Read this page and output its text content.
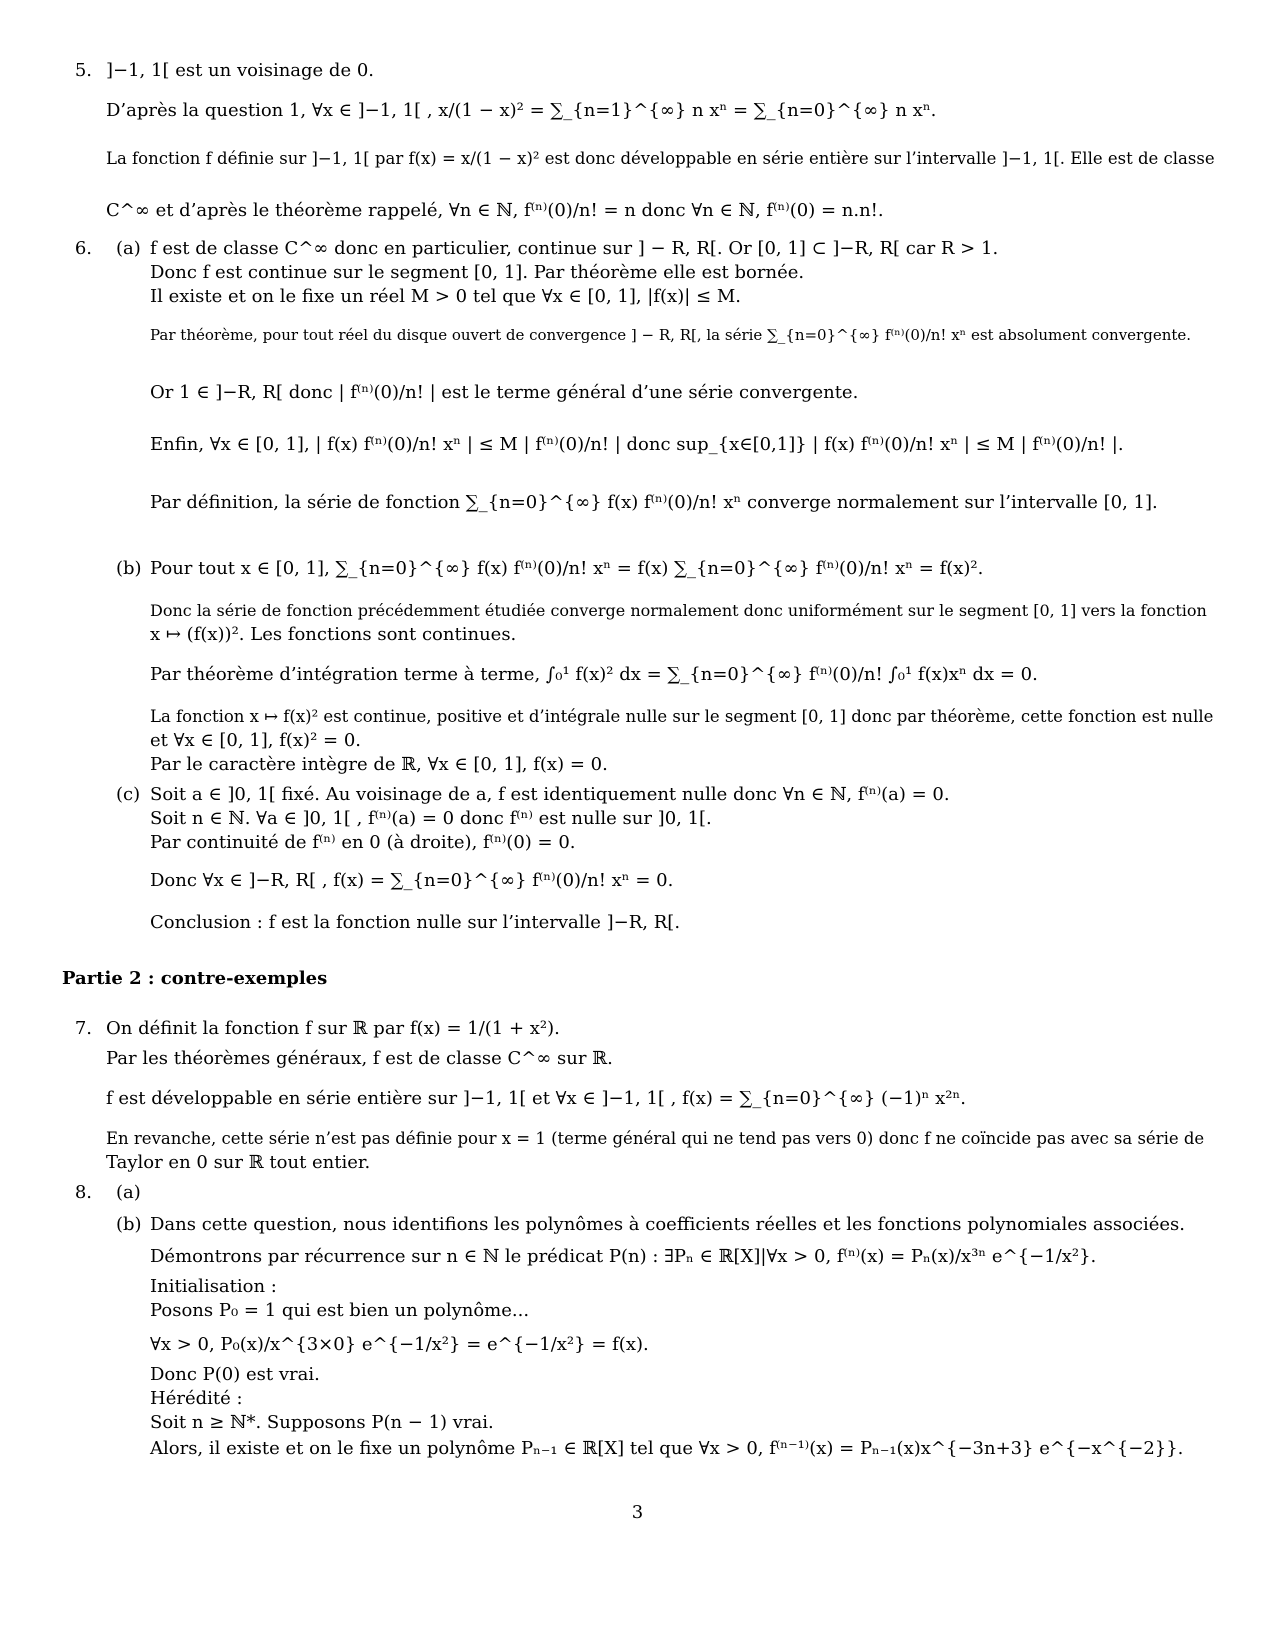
5. ]−1, 1[ est un voisinage de 0.
D’après la question 1, ∀x ∈ ]−1, 1[ , x/(1 − x)² = ∑_{n=1}^{∞} n xⁿ = ∑_{n=0}^{∞} n xⁿ.
La fonction f définie sur ]−1, 1[ par f(x) = x/(1 − x)² est donc développable en série entière sur l’intervalle ]−1, 1[. Elle est de classe
C^∞ et d’après le théorème rappelé, ∀n ∈ ℕ, f⁽ⁿ⁾(0)/n! = n donc ∀n ∈ ℕ, f⁽ⁿ⁾(0) = n.n!.
6. (a) f est de classe C^∞ donc en particulier, continue sur ] − R, R[. Or [0, 1] ⊂ ]−R, R[ car R > 1.
Donc f est continue sur le segment [0, 1]. Par théorème elle est bornée.
Il existe et on le fixe un réel M > 0 tel que ∀x ∈ [0, 1], |f(x)| ≤ M.
Par théorème, pour tout réel du disque ouvert de convergence ] − R, R[, la série ∑_{n=0}^{∞} f⁽ⁿ⁾(0)/n! xⁿ est absolument convergente.
Or 1 ∈ ]−R, R[ donc | f⁽ⁿ⁾(0)/n! | est le terme général d’une série convergente.
Enfin, ∀x ∈ [0, 1], | f(x) f⁽ⁿ⁾(0)/n! xⁿ | ≤ M | f⁽ⁿ⁾(0)/n! | donc sup_{x∈[0,1]} | f(x) f⁽ⁿ⁾(0)/n! xⁿ | ≤ M | f⁽ⁿ⁾(0)/n! |.
Par définition, la série de fonction ∑_{n=0}^{∞} f(x) f⁽ⁿ⁾(0)/n! xⁿ converge normalement sur l’intervalle [0, 1].
(b) Pour tout x ∈ [0, 1], ∑_{n=0}^{∞} f(x) f⁽ⁿ⁾(0)/n! xⁿ = f(x) ∑_{n=0}^{∞} f⁽ⁿ⁾(0)/n! xⁿ = f(x)².
Donc la série de fonction précédemment étudiée converge normalement donc uniformément sur le segment [0, 1] vers la fonction
x ↦ (f(x))². Les fonctions sont continues.
Par théorème d’intégration terme à terme, ∫₀¹ f(x)² dx = ∑_{n=0}^{∞} f⁽ⁿ⁾(0)/n! ∫₀¹ f(x)xⁿ dx = 0.
La fonction x ↦ f(x)² est continue, positive et d’intégrale nulle sur le segment [0, 1] donc par théorème, cette fonction est nulle
et ∀x ∈ [0, 1], f(x)² = 0.
Par le caractère intègre de ℝ, ∀x ∈ [0, 1], f(x) = 0.
(c) Soit a ∈ ]0, 1[ fixé. Au voisinage de a, f est identiquement nulle donc ∀n ∈ ℕ, f⁽ⁿ⁾(a) = 0.
Soit n ∈ ℕ. ∀a ∈ ]0, 1[ , f⁽ⁿ⁾(a) = 0 donc f⁽ⁿ⁾ est nulle sur ]0, 1[.
Par continuité de f⁽ⁿ⁾ en 0 (à droite), f⁽ⁿ⁾(0) = 0.
Donc ∀x ∈ ]−R, R[ , f(x) = ∑_{n=0}^{∞} f⁽ⁿ⁾(0)/n! xⁿ = 0.
Conclusion : f est la fonction nulle sur l’intervalle ]−R, R[.
Partie 2 : contre-exemples
7. On définit la fonction f sur ℝ par f(x) = 1/(1 + x²).
Par les théorèmes généraux, f est de classe C^∞ sur ℝ.
f est développable en série entière sur ]−1, 1[ et ∀x ∈ ]−1, 1[ , f(x) = ∑_{n=0}^{∞} (−1)ⁿ x²ⁿ.
En revanche, cette série n’est pas définie pour x = 1 (terme général qui ne tend pas vers 0) donc f ne coïncide pas avec sa série de
Taylor en 0 sur ℝ tout entier.
8. (a)
(b) Dans cette question, nous identifions les polynômes à coefficients réelles et les fonctions polynomiales associées.
Démontrons par récurrence sur n ∈ ℕ le prédicat P(n) : ∃Pₙ ∈ ℝ[X]|∀x > 0, f⁽ⁿ⁾(x) = Pₙ(x)/x³ⁿ e^{−1/x²}.
Initialisation :
Posons P₀ = 1 qui est bien un polynôme...
∀x > 0, P₀(x)/x^{3×0} e^{−1/x²} = e^{−1/x²} = f(x).
Donc P(0) est vrai.
Hérédité :
Soit n ≥ ℕ*. Supposons P(n − 1) vrai.
Alors, il existe et on le fixe un polynôme Pₙ₋₁ ∈ ℝ[X] tel que ∀x > 0, f⁽ⁿ⁻¹⁾(x) = Pₙ₋₁(x)x^{−3n+3} e^{−x^{−2}}.
3
